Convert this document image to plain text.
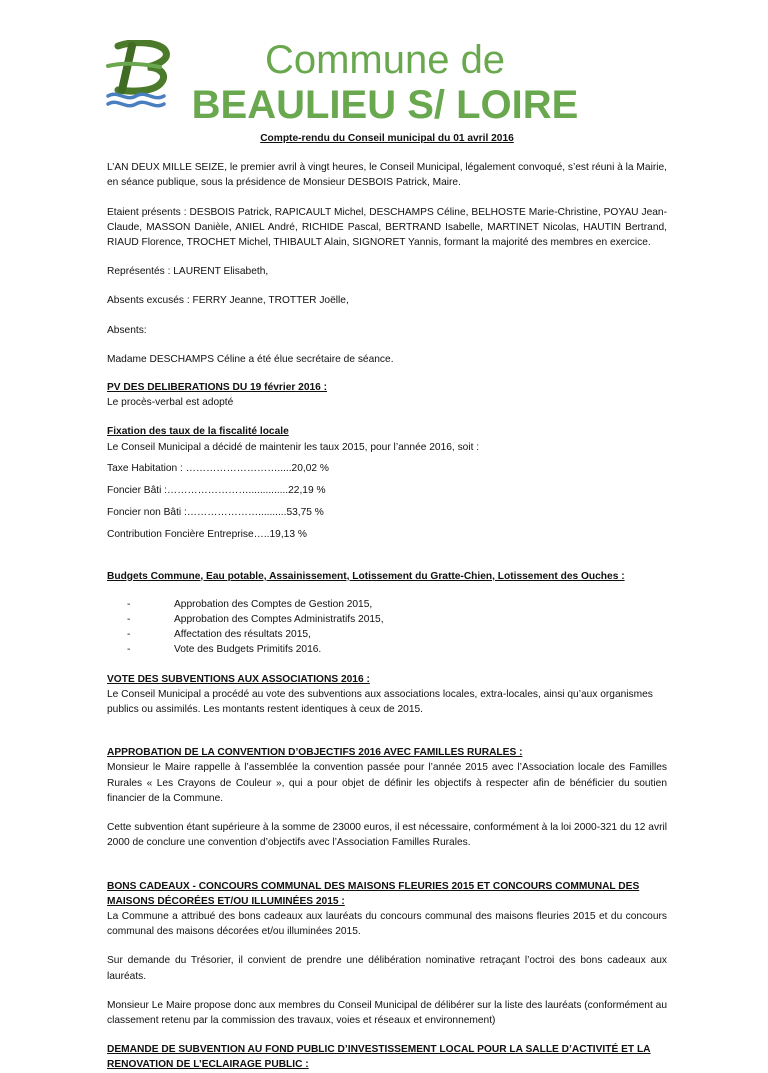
Commune de
BEAULIEU S/ LOIRE

Compte-rendu du Conseil municipal du 01 avril 2016

L’AN DEUX MILLE SEIZE, le premier avril à vingt heures, le Conseil Municipal, légalement convoqué, s’est réuni à la Mairie, en séance publique, sous la présidence de Monsieur DESBOIS Patrick, Maire.

Etaient présents : DESBOIS Patrick, RAPICAULT Michel, DESCHAMPS Céline, BELHOSTE Marie-Christine, POYAU Jean-Claude, MASSON Danièle, ANIEL André, RICHIDE Pascal, BERTRAND Isabelle, MARTINET Nicolas, HAUTIN Bertrand, RIAUD Florence, TROCHET Michel, THIBAULT Alain, SIGNORET Yannis, formant la majorité des membres en exercice.

Représentés : LAURENT Elisabeth,

Absents excusés : FERRY Jeanne, TROTTER Joëlle,

Absents:

Madame DESCHAMPS Céline a été élue secrétaire de séance.

PV DES DELIBERATIONS DU 19 février 2016 :

Le procès-verbal est adopté

Fixation des taux de la fiscalité locale

Le Conseil Municipal a décidé de maintenir les taux 2015, pour l’année 2016, soit :

Taxe Habitation : ……………………….....20,02 %

Foncier Bâti :……………………..............22,19 %

Foncier non Bâti :…………………..........53,75 %

Contribution Foncière Entreprise…..19,13 %

Budgets Commune, Eau potable, Assainissement, Lotissement du Gratte-Chien, Lotissement des Ouches :

- Approbation des Comptes de Gestion 2015,
- Approbation des Comptes Administratifs 2015,
- Affectation des résultats 2015,
- Vote des Budgets Primitifs 2016.

VOTE DES SUBVENTIONS AUX ASSOCIATIONS 2016 :

Le Conseil Municipal a procédé au vote des subventions aux associations locales, extra-locales, ainsi qu’aux organismes publics ou assimilés. Les montants restent identiques à ceux de 2015.

APPROBATION DE LA CONVENTION D’OBJECTIFS 2016 AVEC FAMILLES RURALES :

Monsieur le Maire rappelle à l’assemblée la convention passée pour l’année 2015 avec l’Association locale des Familles Rurales « Les Crayons de Couleur », qui a pour objet de définir les objectifs à respecter afin de bénéficier du soutien financier de la Commune.

Cette subvention étant supérieure à la somme de 23000 euros, il est nécessaire, conformément à la loi 2000-321 du 12 avril 2000 de conclure une convention d’objectifs avec l’Association Familles Rurales.

BONS CADEAUX - CONCOURS COMMUNAL DES MAISONS FLEURIES 2015 ET CONCOURS COMMUNAL DES MAISONS DÉCORÉES ET/OU ILLUMINÉES 2015 :

La Commune a attribué des bons cadeaux aux lauréats du concours communal des maisons fleuries 2015 et du concours communal des maisons décorées et/ou illuminées 2015.

Sur demande du Trésorier, il convient de prendre une délibération nominative retraçant l’octroi des bons cadeaux aux lauréats.

Monsieur Le Maire propose donc aux membres du Conseil Municipal de délibérer sur la liste des lauréats (conformément au classement retenu par la commission des travaux, voies et réseaux et environnement)

DEMANDE DE SUBVENTION AU FOND PUBLIC D’INVESTISSEMENT LOCAL POUR LA SALLE D’ACTIVITÉ ET LA RENOVATION DE L’ECLAIRAGE PUBLIC :
